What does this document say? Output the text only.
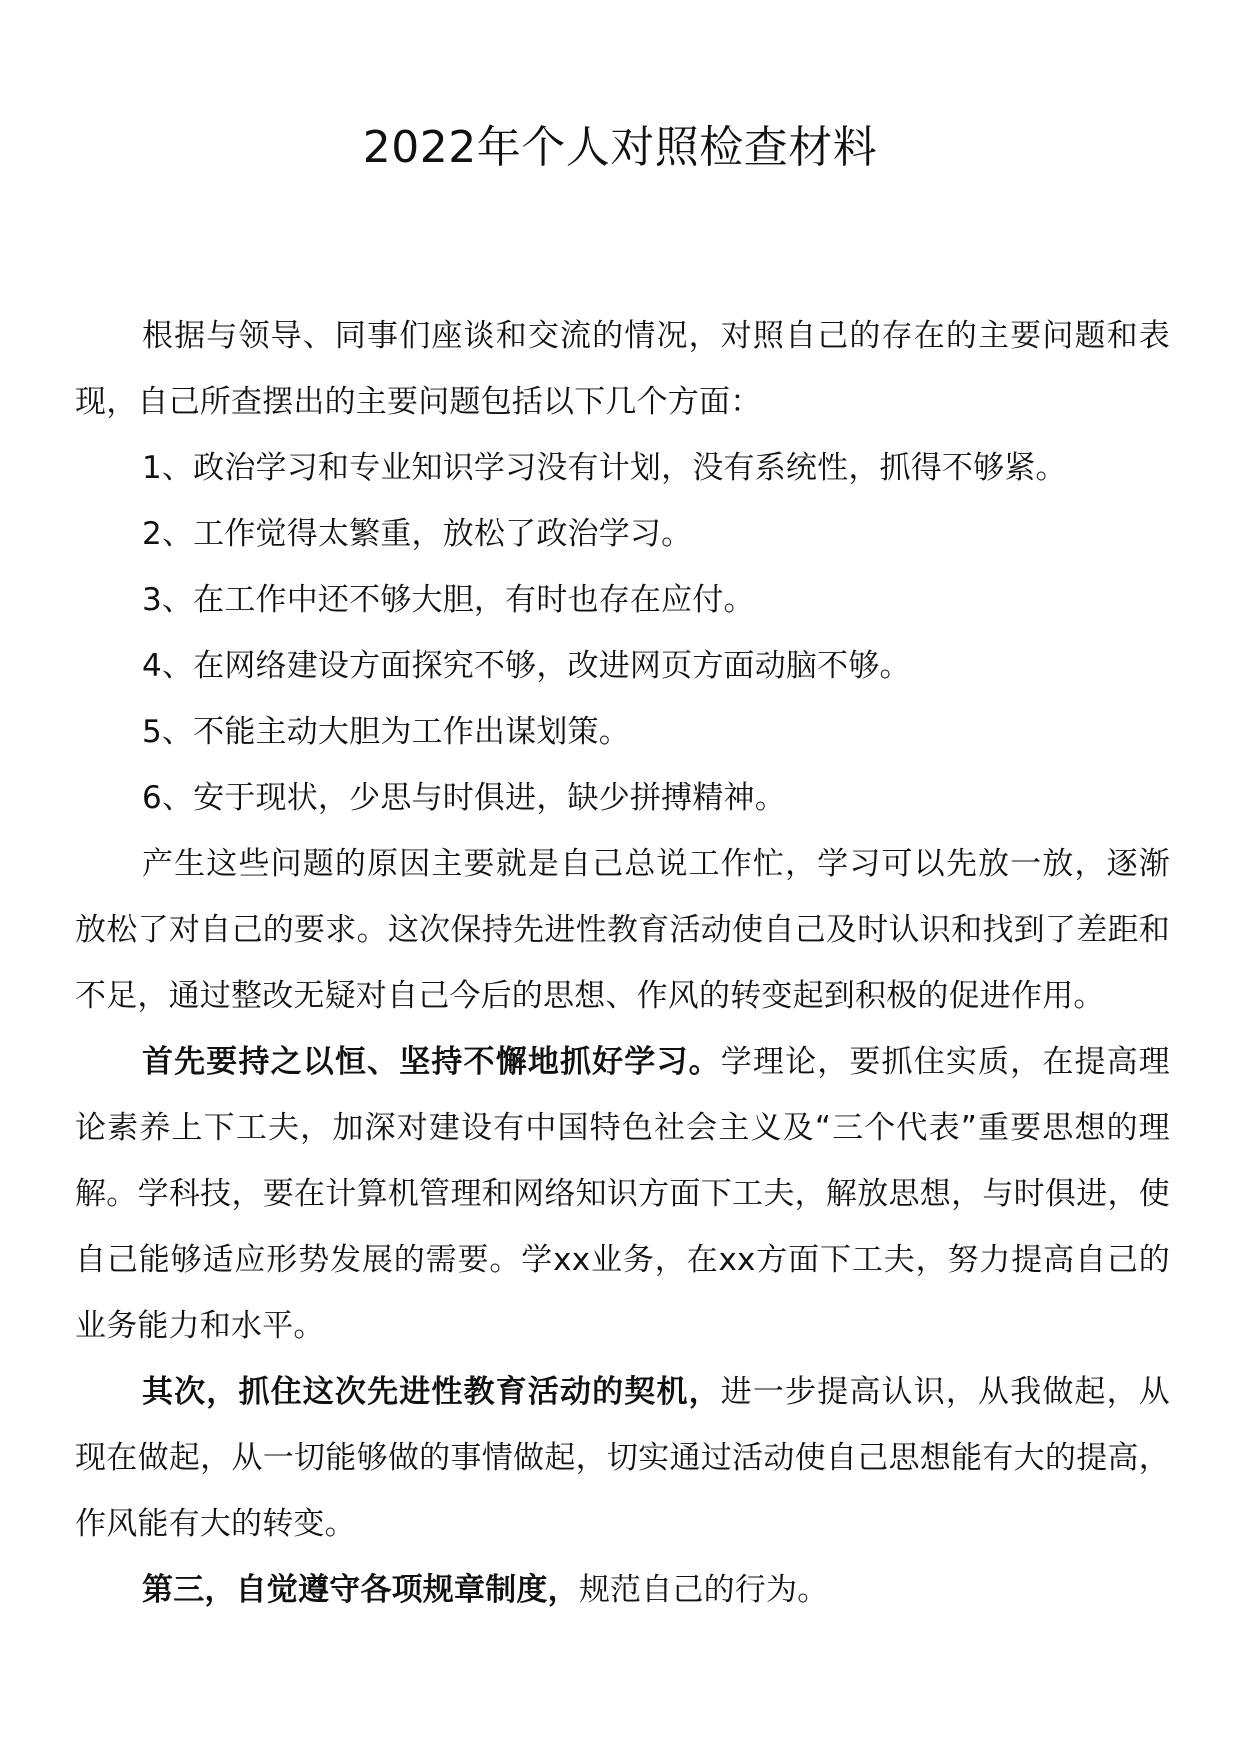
2022年个人对照检查材料

根据与领导、同事们座谈和交流的情况，对照自己的存在的主要问题和表现，自己所查摆出的主要问题包括以下几个方面：

1、政治学习和专业知识学习没有计划，没有系统性，抓得不够紧。

2、工作觉得太繁重，放松了政治学习。

3、在工作中还不够大胆，有时也存在应付。

4、在网络建设方面探究不够，改进网页方面动脑不够。

5、不能主动大胆为工作出谋划策。

6、安于现状，少思与时俱进，缺少拼搏精神。

产生这些问题的原因主要就是自己总说工作忙，学习可以先放一放，逐渐放松了对自己的要求。这次保持先进性教育活动使自己及时认识和找到了差距和不足，通过整改无疑对自己今后的思想、作风的转变起到积极的促进作用。

首先要持之以恒、坚持不懈地抓好学习。学理论，要抓住实质，在提高理论素养上下工夫，加深对建设有中国特色社会主义及“三个代表”重要思想的理解。学科技，要在计算机管理和网络知识方面下工夫，解放思想，与时俱进，使自己能够适应形势发展的需要。学xx业务，在xx方面下工夫，努力提高自己的业务能力和水平。

其次，抓住这次先进性教育活动的契机，进一步提高认识，从我做起，从现在做起，从一切能够做的事情做起，切实通过活动使自己思想能有大的提高，作风能有大的转变。

第三，自觉遵守各项规章制度，规范自己的行为。
